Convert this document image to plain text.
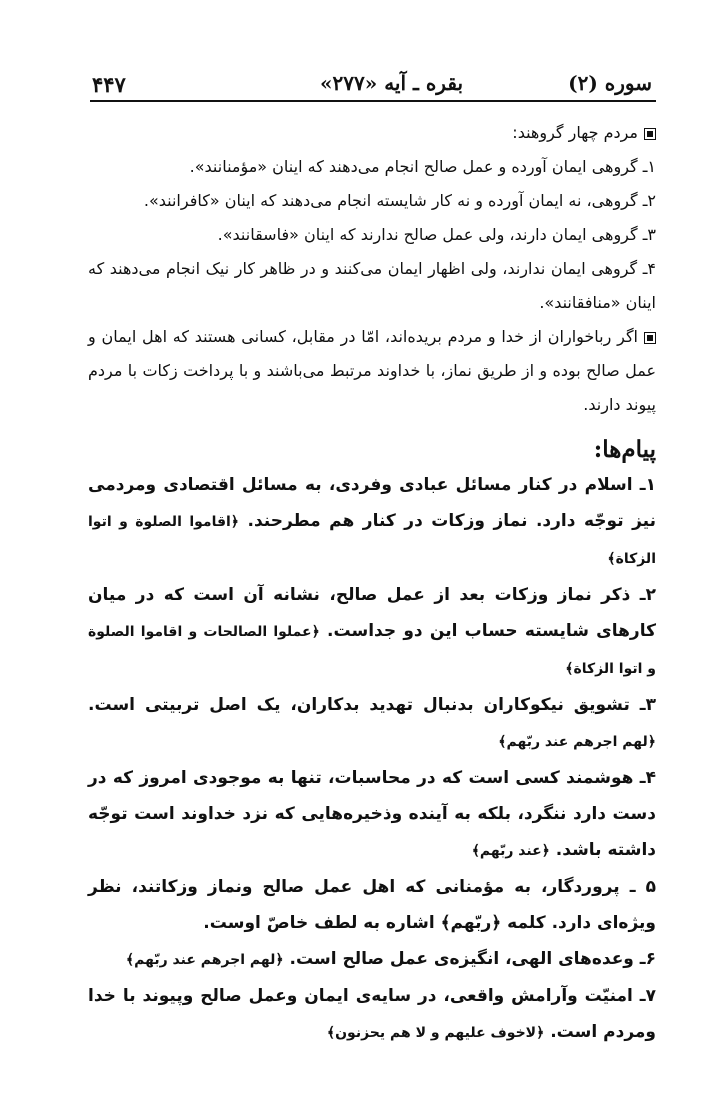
۴۴۷	بقره ـ آیه «۲۷۷»	سوره (۲)

مردم چهار گروهند:

۱ـ گروهی ایمان آورده و عمل صالح انجام می‌دهند که اینان «مؤمنانند».

۲ـ گروهی، نه ایمان آورده و نه کار شایسته انجام می‌دهند که اینان «کافرانند».

۳ـ گروهی ایمان دارند، ولی عمل صالح ندارند که اینان «فاسقانند».

۴ـ گروهی ایمان ندارند، ولی اظهار ایمان می‌کنند و در ظاهر کار نیک انجام می‌دهند که اینان «منافقانند».

اگر رباخواران از خدا و مردم بریده‌اند، امّا در مقابل، کسانی هستند که اهل ایمان و عمل صالح بوده و از طریق نماز، با خداوند مرتبط می‌باشند و با پرداخت زکات با مردم پیوند دارند.

پیام‌ها:

۱ـ اسلام در کنار مسائل عبادی وفردی، به مسائل اقتصادی ومردمی نیز توجّه دارد. نماز وزکات در کنار هم مطرحند. ﴿اقاموا الصلوة و اتوا الزکاة﴾

۲ـ ذکر نماز وزکات بعد از عمل صالح، نشانه آن است که در میان کارهای شایسته حساب این دو جداست. ﴿عملوا الصالحات و اقاموا الصلوة و اتوا الزکاة﴾

۳ـ تشویق نیکوکاران بدنبال تهدید بدکاران، یک اصل تربیتی است. ﴿لهم اجرهم عند ربّهم﴾

۴ـ هوشمند کسی است که در محاسبات، تنها به موجودی امروز که در دست دارد ننگرد، بلکه به آینده وذخیره‌هایی که نزد خداوند است توجّه داشته باشد. ﴿عند ربّهم﴾

۵ ـ پروردگار، به مؤمنانی که اهل عمل صالح ونماز وزکاتند، نظر ویژه‌ای دارد. کلمه ﴿ربّهم﴾ اشاره به لطف خاصّ اوست.

۶ـ وعده‌های الهی، انگیزه‌ی عمل صالح است. ﴿لهم اجرهم عند ربّهم﴾

۷ـ امنیّت وآرامش واقعی، در سایه‌ی ایمان وعمل صالح وپیوند با خدا ومردم است. ﴿لاخوف علیهم و لا هم یحزنون﴾
